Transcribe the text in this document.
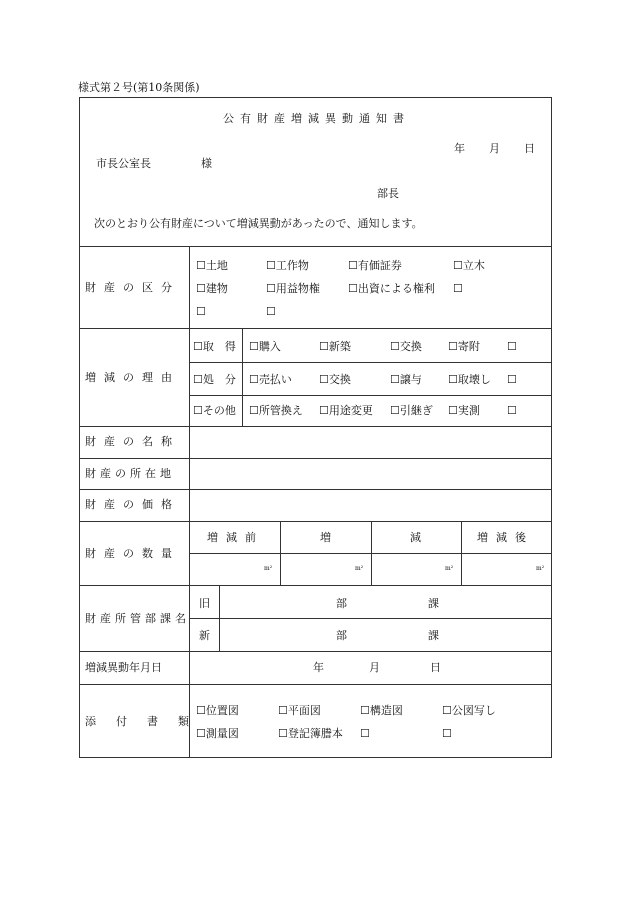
様式第２号(第10条関係)
公有財産増減異動通知書
年 月 日
市長公室長	様
部長
次のとおり公有財産について増減異動があったので、通知します。
財産の区分
☐土地	☐工作物	☐有価証券	☐立木
☐建物	☐用益物権	☐出資による権利 ☐
☐	☐
増減の理由
☐取　得 ☐購入	☐新築	☐交換 ☐寄附 ☐
☐処　分 ☐売払い ☐交換	☐譲与 ☐取壊し ☐
☐その他 ☐所管換え ☐用途変更 ☐引継ぎ ☐実測 ☐
財産の名称
財産の所在地
財産の価格
財産の数量
増減前	増	減	増減後
m²	m²	m²	m²
財産所管部課名
旧	部	課
新	部	課
増減異動年月日	年	月	日
添付書類
☐位置図	☐平面図	☐構造図	☐公図写し
☐測量図	☐登記簿謄本 ☐	☐
